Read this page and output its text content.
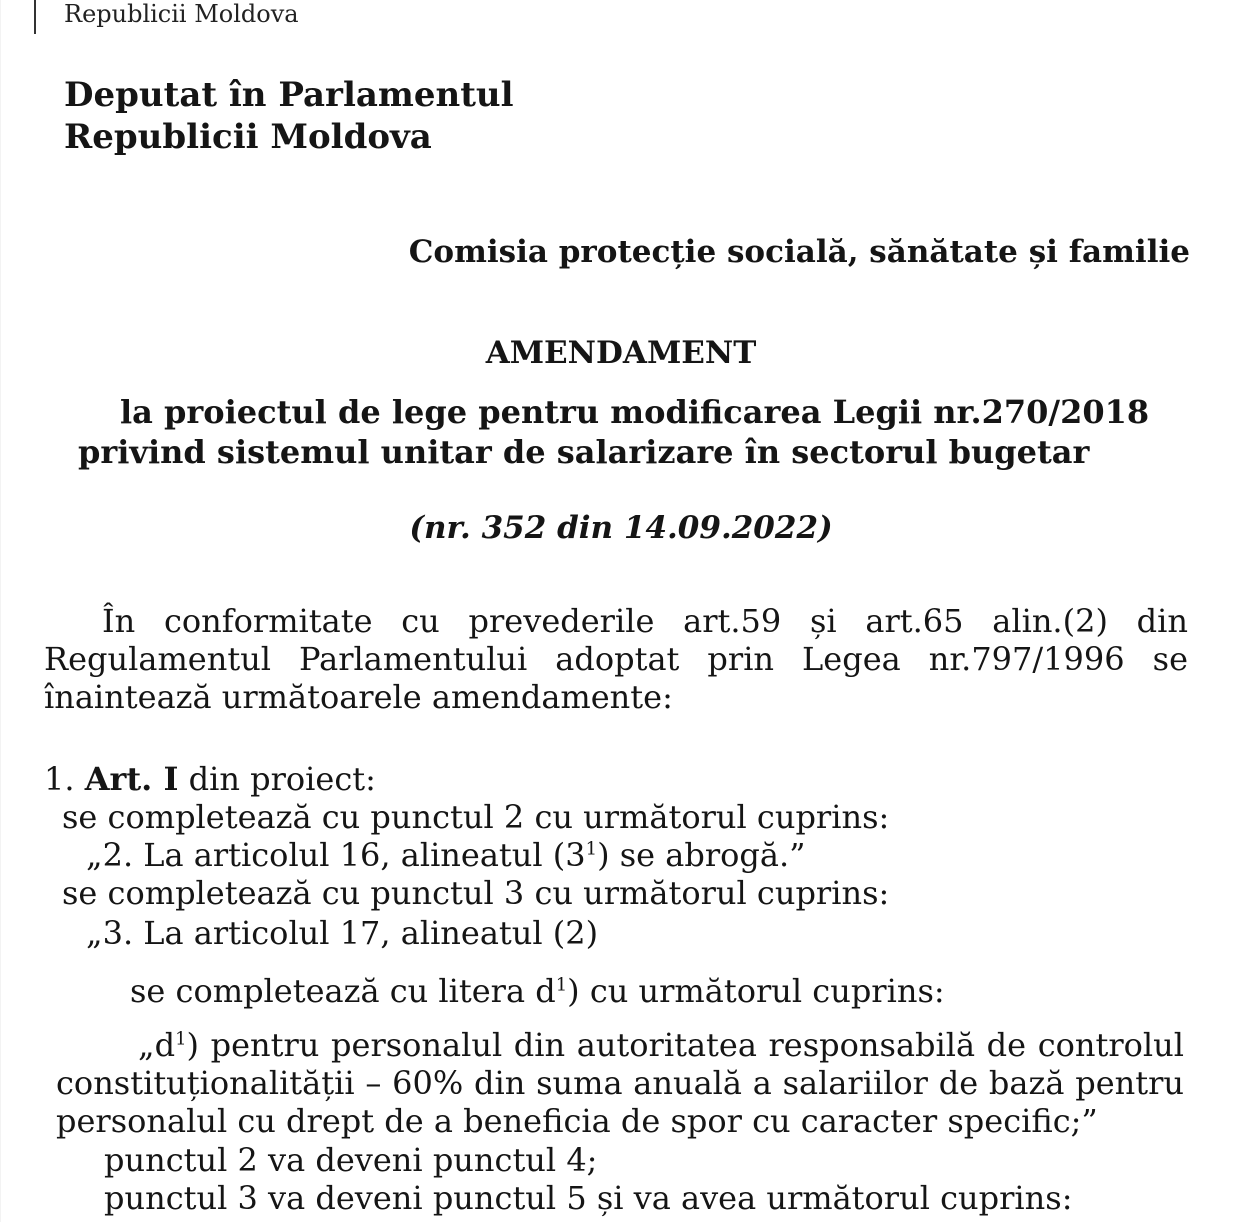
Republicii Moldova
Deputat în Parlamentul
Republicii Moldova
Comisia protecție socială, sănătate și familie
AMENDAMENT
la proiectul de lege pentru modificarea Legii nr.270/2018
privind sistemul unitar de salarizare în sectorul bugetar
(nr. 352 din 14.09.2022)

În conformitate cu prevederile art.59 și art.65 alin.(2) din Regulamentul Parlamentului adoptat prin Legea nr.797/1996 se înaintează următoarele amendamente:

1. Art. I din proiect:
se completează cu punctul 2 cu următorul cuprins:
„2. La articolul 16, alineatul $(3^1)$ se abrogă.”
se completează cu punctul 3 cu următorul cuprins:
„3. La articolul 17, alineatul (2)
se completează cu litera $d^1$) cu următorul cuprins:

$„d^1$) pentru personalul din autoritatea responsabilă de controlul constituționalității – 60% din suma anuală a salariilor de bază pentru personalul cu drept de a beneficia de spor cu caracter specific;”

punctul 2 va deveni punctul 4;
punctul 3 va deveni punctul 5 și va avea următorul cuprins:
